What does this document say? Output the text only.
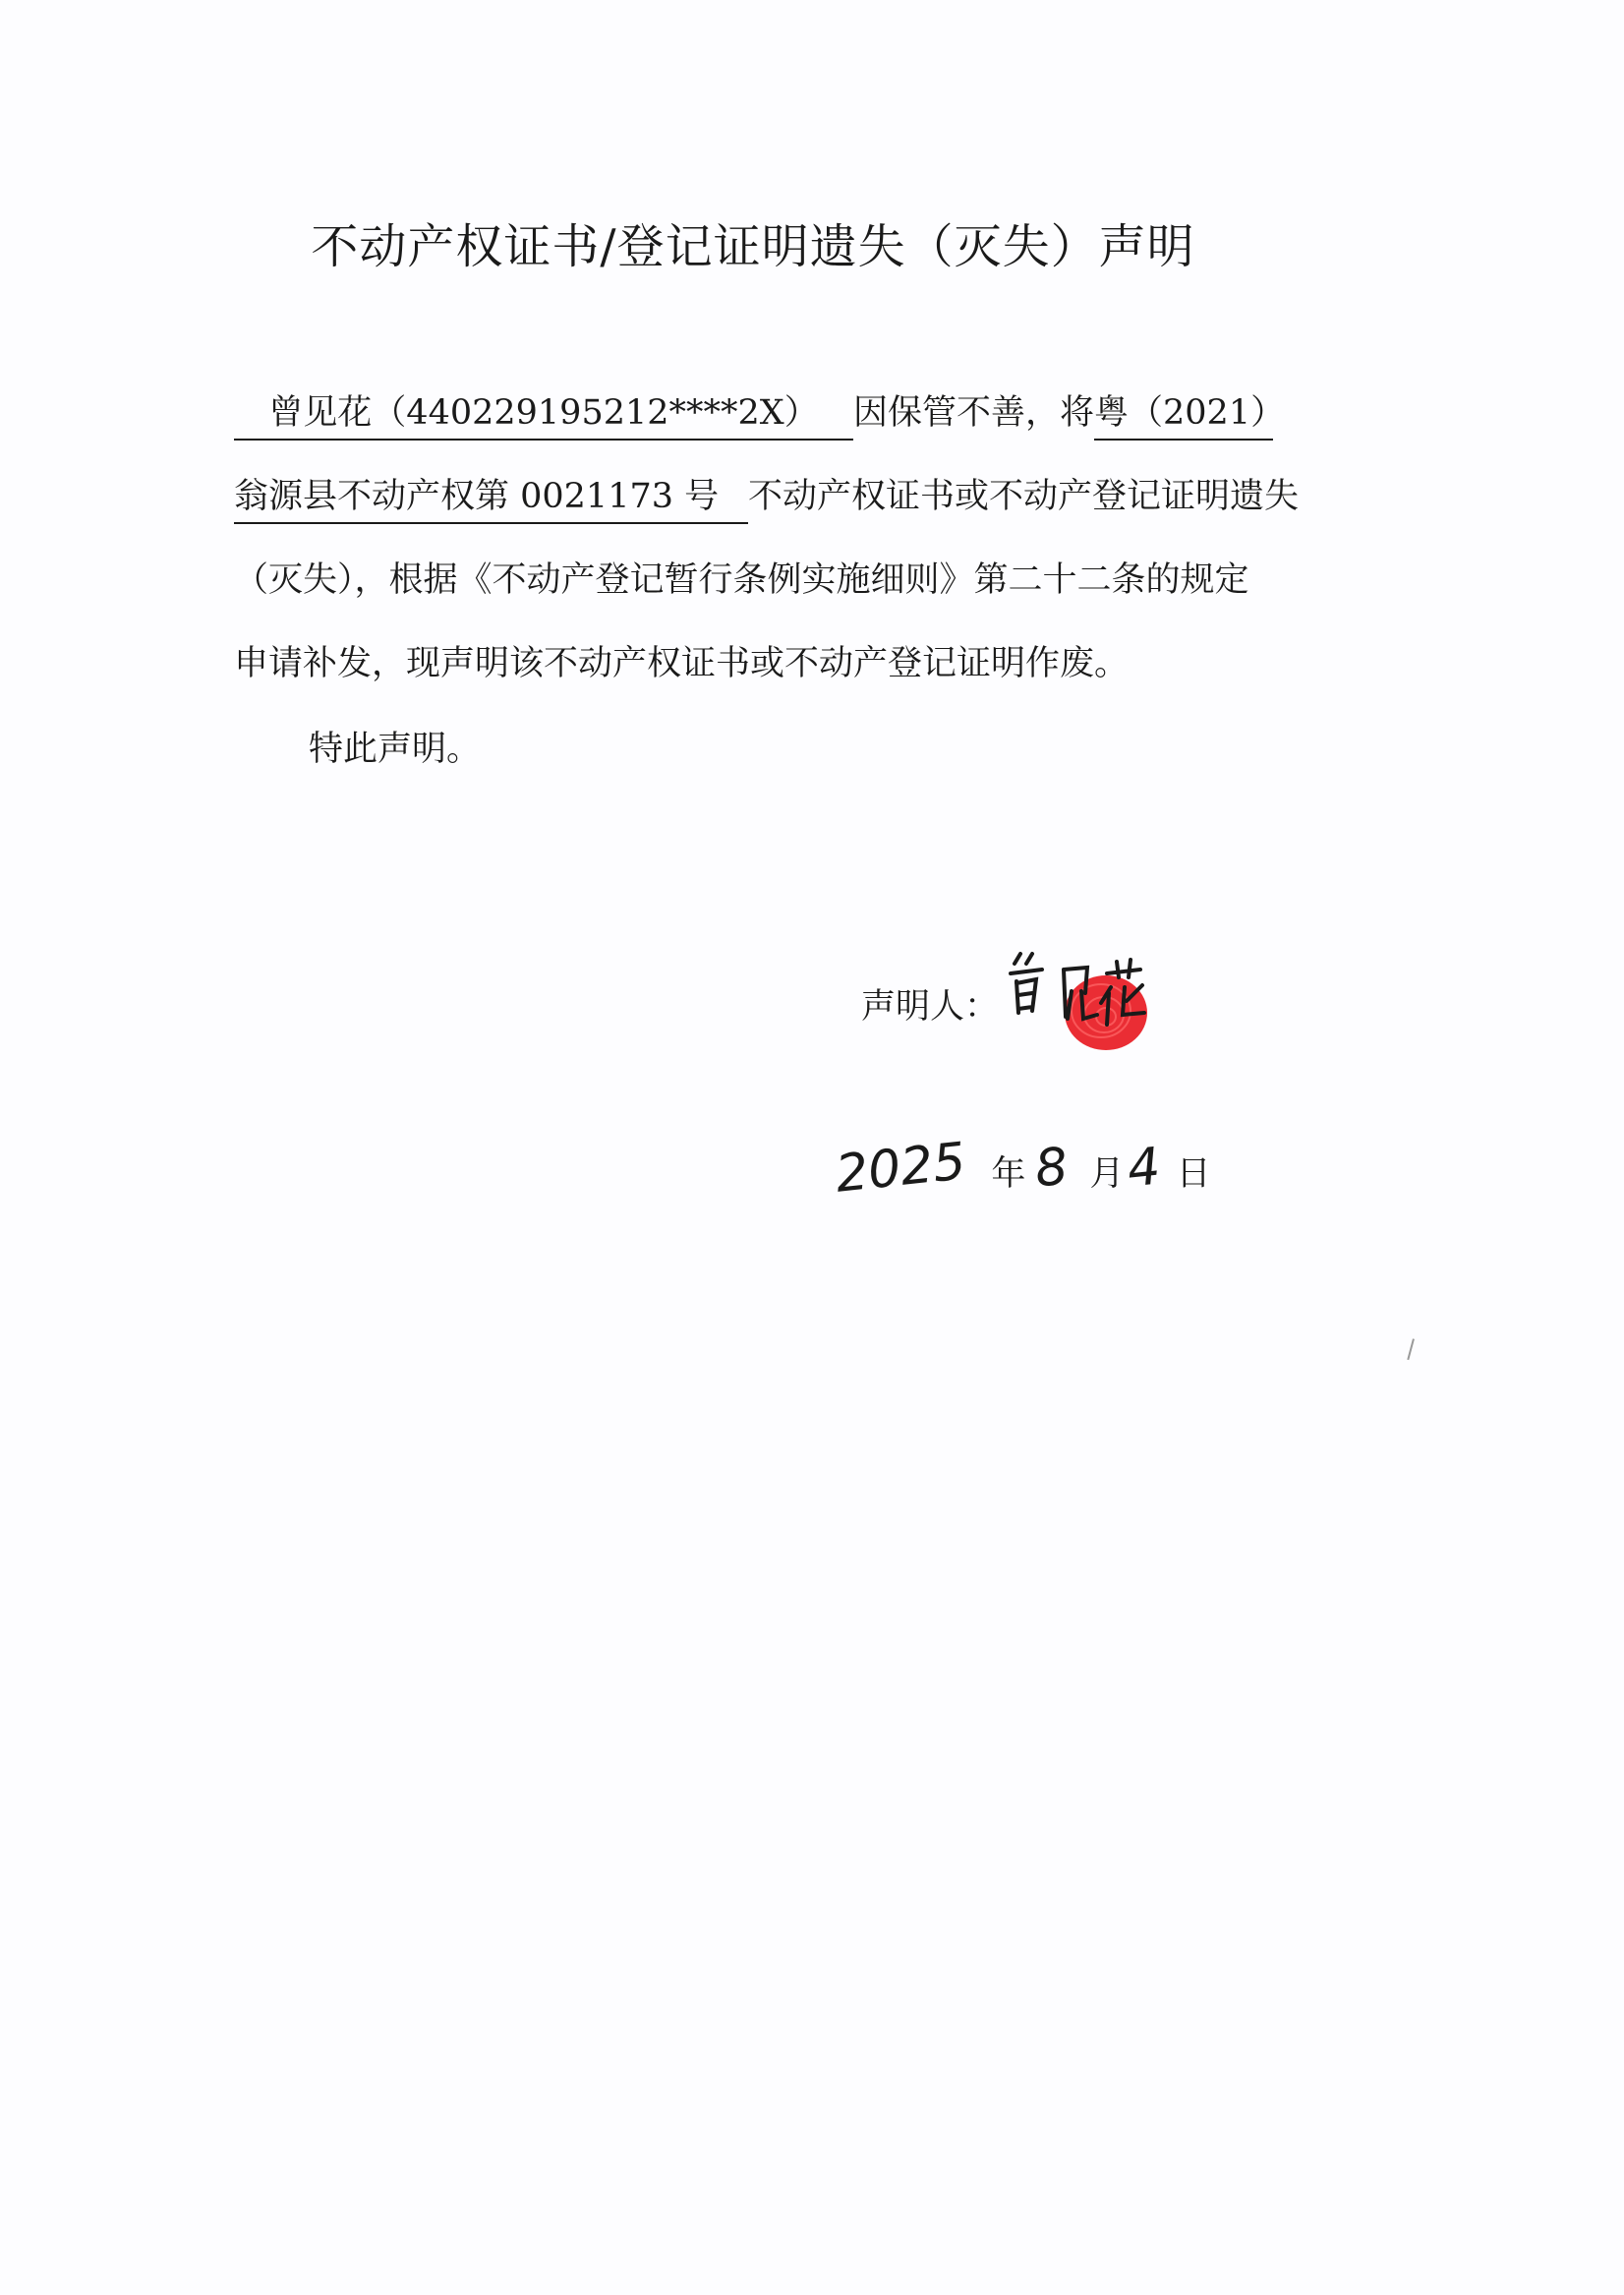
不动产权证书/登记证明遗失（灭失）声明
曾见花（440229195212****2X） 因保管不善，将粤（2021）
翁源县不动产权第 0021173 号 不动产权证书或不动产登记证明遗失
（灭失），根据《不动产登记暂行条例实施细则》第二十二条的规定
申请补发，现声明该不动产权证书或不动产登记证明作废。
特此声明。
声明人：
2025 年 8 月4 日
